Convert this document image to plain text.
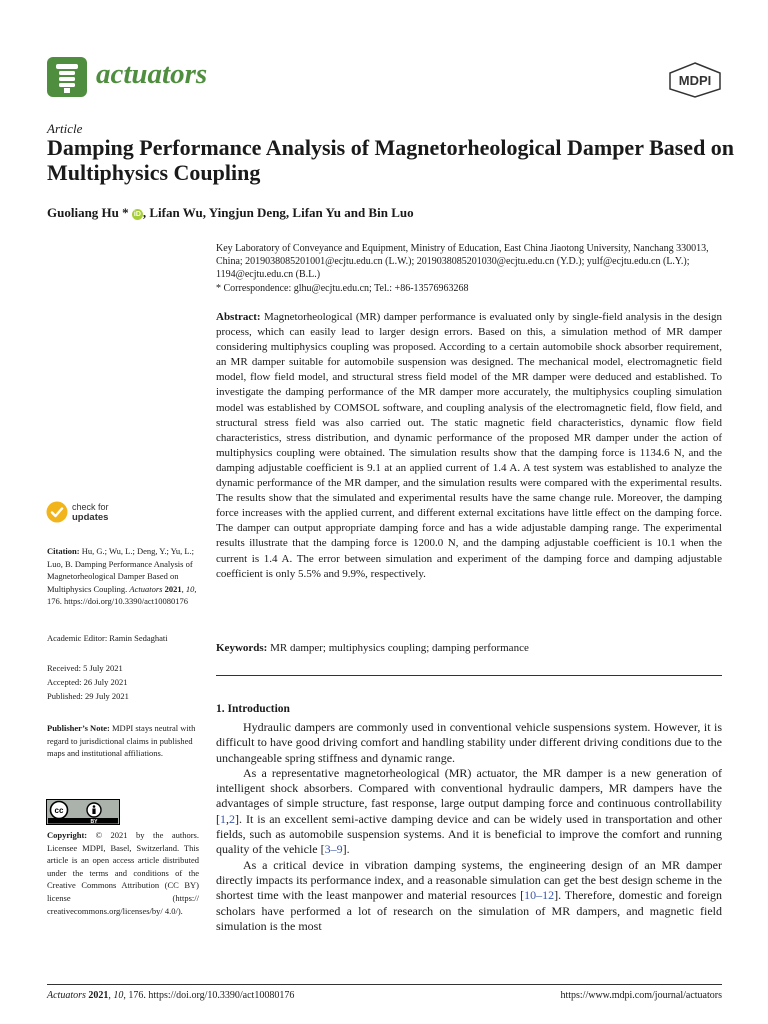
actuators	MDPI
Article
Damping Performance Analysis of Magnetorheological Damper Based on Multiphysics Coupling
Guoliang Hu * iD , Lifan Wu, Yingjun Deng, Lifan Yu and Bin Luo
Key Laboratory of Conveyance and Equipment, Ministry of Education, East China Jiaotong University, Nanchang 330013, China; 2019038085201001@ecjtu.edu.cn (L.W.); 2019038085201030@ecjtu.edu.cn (Y.D.); yulf@ecjtu.edu.cn (L.Y.); 1194@ecjtu.edu.cn (B.L.)
* Correspondence: glhu@ecjtu.edu.cn; Tel.: +86-13576963268
Abstract: Magnetorheological (MR) damper performance is evaluated only by single-field analysis in the design process, which can easily lead to larger design errors. Based on this, a simulation method of MR damper considering multiphysics coupling was proposed. According to a certain automobile shock absorber requirement, an MR damper suitable for automobile suspension was designed. The mechanical model, electromagnetic field model, flow field model, and structural stress field model of the MR damper were deduced and established. To investigate the damping performance of the MR damper more accurately, the multiphysics coupling simulation model was established by COMSOL software, and coupling analysis of the electromagnetic field, flow field, and structural stress field was also carried out. The static magnetic field characteristics, dynamic flow field characteristics, stress distribution, and dynamic performance of the proposed MR damper under the action of multiphysics coupling were obtained. The simulation results show that the damping force is 1134.6 N, and the damping adjustable coefficient is 9.1 at an applied current of 1.4 A. A test system was established to analyze the dynamic performance of the MR damper, and the simulation results were compared with the experimental results. The results show that the simulated and experimental results have the same change rule. Moreover, the damping force increases with the applied current, and different external excitations have little effect on the damping force. The damper can output appropriate damping force and has a wide adjustable damping range. The experimental results illustrate that the damping force is 1200.0 N, and the damping adjustable coefficient is 10.1 when the current is 1.4 A. The error between simulation and experiment of the damping force and damping adjustable coefficient is only 5.5% and 9.9%, respectively.
Keywords: MR damper; multiphysics coupling; damping performance
1. Introduction

Hydraulic dampers are commonly used in conventional vehicle suspensions system. However, it is difficult to have good driving comfort and handling stability under different driving conditions due to the unchangeable spring stiffness and dynamic range.

As a representative magnetorheological (MR) actuator, the MR damper is a new generation of intelligent shock absorbers. Compared with conventional hydraulic dampers, MR dampers have the advantages of simple structure, fast response, large output damping force and continuous controllability [1,2]. It is an excellent semi-active damping device and can be widely used in transportation and other fields, such as automobile suspension systems. And it is beneficial to improve the comfort and running quality of the vehicle [3–9].

As a critical device in vibration damping systems, the engineering design of an MR damper directly impacts its performance index, and a reasonable simulation can get the best design scheme in the shortest time with the least manpower and material resources [10–12]. Therefore, domestic and foreign scholars have performed a lot of research on the simulation of MR dampers, and magnetic field simulation is the most

check for
updates
Citation: Hu, G.; Wu, L.; Deng, Y.; Yu, L.; Luo, B. Damping Performance Analysis of Magnetorheological Damper Based on Multiphysics Coupling. Actuators 2021, 10, 176. https://doi.org/10.3390/act10080176
Academic Editor: Ramin Sedaghati
Received: 5 July 2021
Accepted: 26 July 2021
Published: 29 July 2021
Publisher’s Note: MDPI stays neutral with regard to jurisdictional claims in published maps and institutional affiliations.
cc
BY
Copyright: © 2021 by the authors. Licensee MDPI, Basel, Switzerland. This article is an open access article distributed under the terms and conditions of the Creative Commons Attribution (CC BY) license (https:// creativecommons.org/licenses/by/ 4.0/).
Actuators 2021, 10, 176. https://doi.org/10.3390/act10080176	https://www.mdpi.com/journal/actuators
